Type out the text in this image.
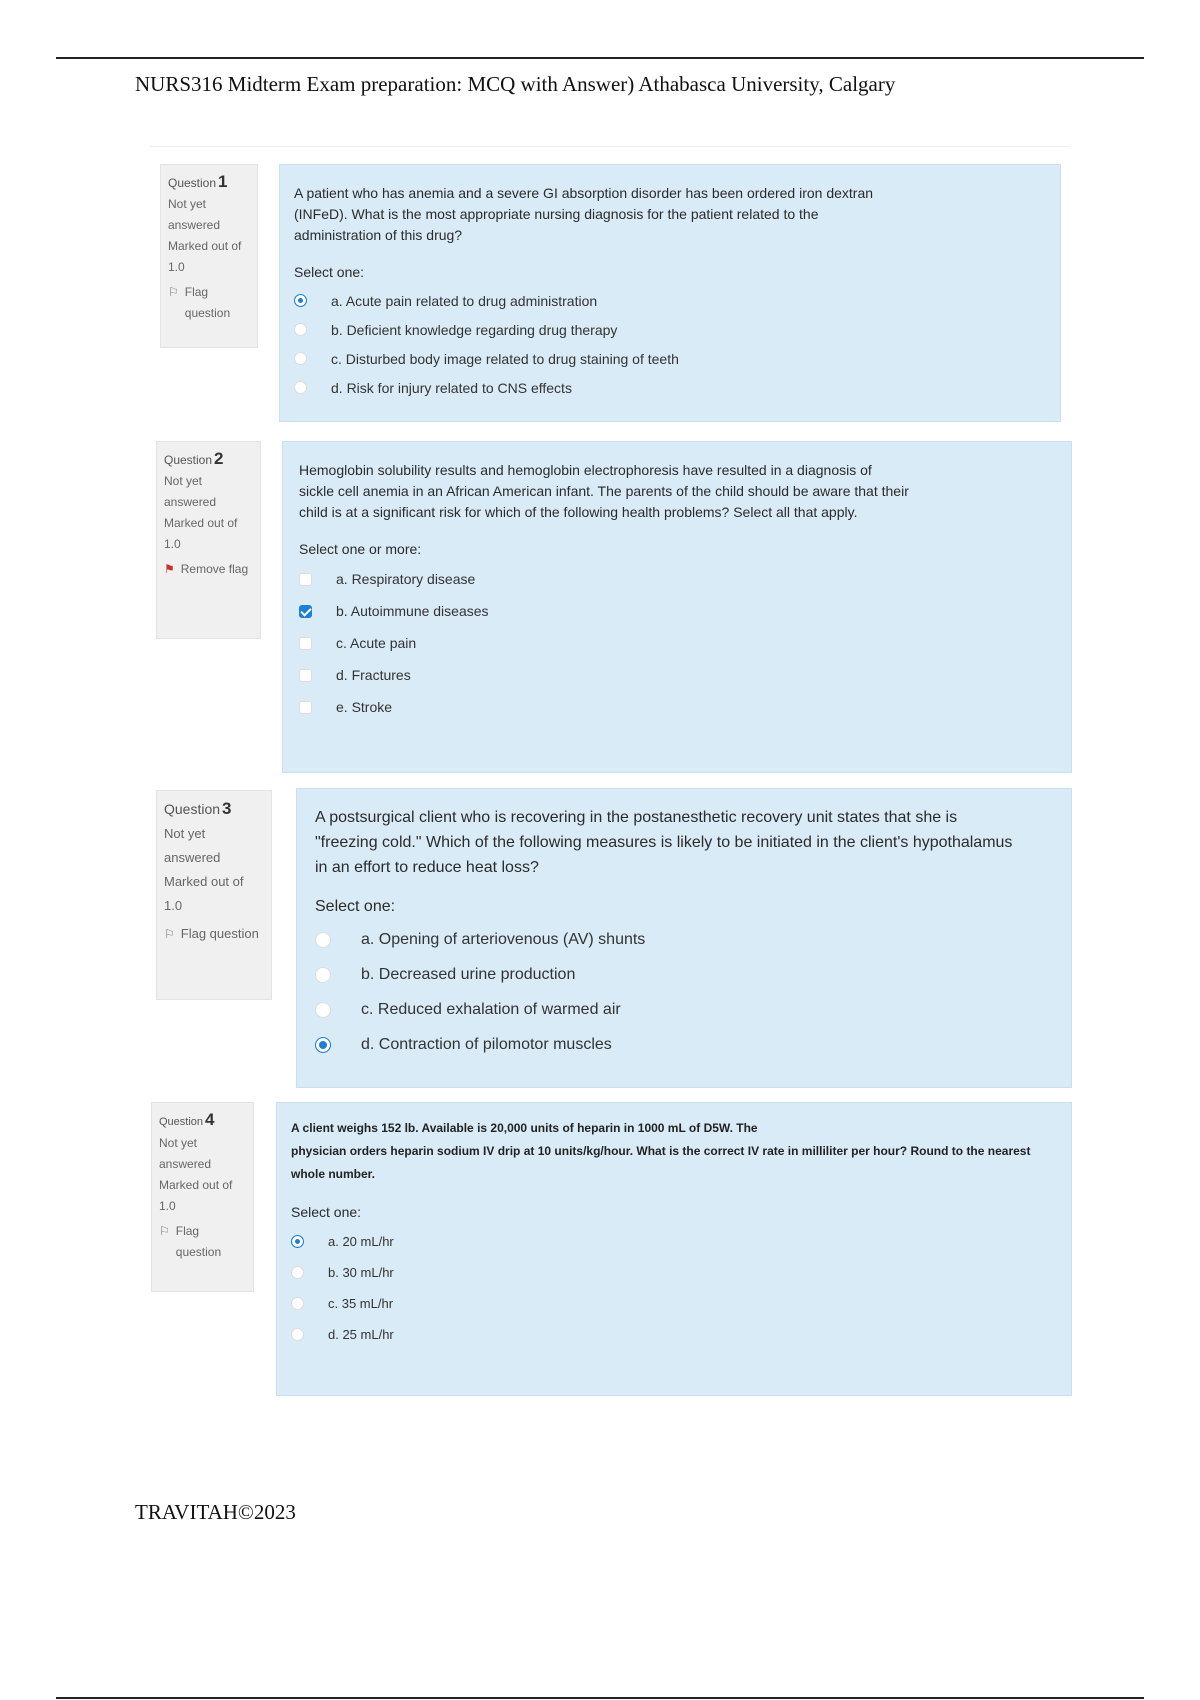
NURS316 Midterm Exam preparation: MCQ with Answer) Athabasca University, Calgary
Question 1
Not yet answered
Marked out of 1.0
⚐ Flag question
A patient who has anemia and a severe GI absorption disorder has been ordered iron dextran (INFeD). What is the most appropriate nursing diagnosis for the patient related to the administration of this drug?
Select one:
a. Acute pain related to drug administration
b. Deficient knowledge regarding drug therapy
c. Disturbed body image related to drug staining of teeth
d. Risk for injury related to CNS effects
Question 2
Not yet answered
Marked out of 1.0
⚑ Remove flag
Hemoglobin solubility results and hemoglobin electrophoresis have resulted in a diagnosis of sickle cell anemia in an African American infant. The parents of the child should be aware that their child is at a significant risk for which of the following health problems? Select all that apply.
Select one or more:
a. Respiratory disease
b. Autoimmune diseases
c. Acute pain
d. Fractures
e. Stroke
Question 3
Not yet answered
Marked out of 1.0
⚐ Flag question
A postsurgical client who is recovering in the postanesthetic recovery unit states that she is "freezing cold." Which of the following measures is likely to be initiated in the client's hypothalamus in an effort to reduce heat loss?
Select one:
a. Opening of arteriovenous (AV) shunts
b. Decreased urine production
c. Reduced exhalation of warmed air
d. Contraction of pilomotor muscles
Question 4
Not yet answered
Marked out of 1.0
⚐ Flag question
A client weighs 152 lb. Available is 20,000 units of heparin in 1000 mL of D5W. The
physician orders heparin sodium IV drip at 10 units/kg/hour. What is the correct IV rate in milliliter per hour? Round to the nearest
whole number.
Select one:
a. 20 mL/hr
b. 30 mL/hr
c. 35 mL/hr
d. 25 mL/hr
TRAVITAH©2023
